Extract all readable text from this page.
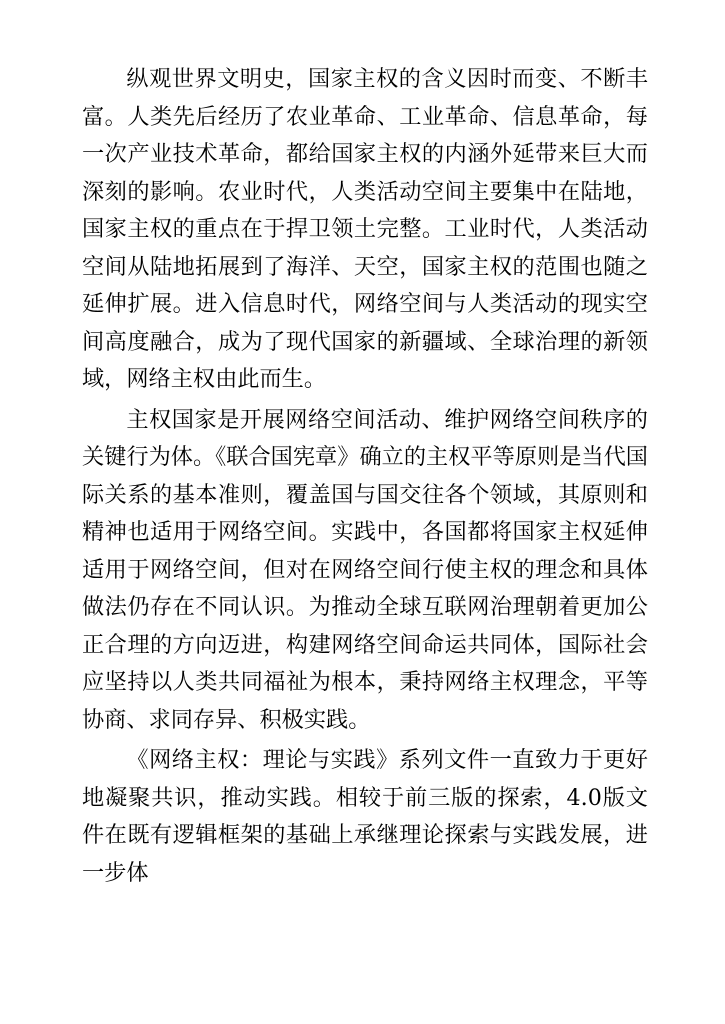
纵观世界文明史，国家主权的含义因时而变、不断丰富。人类先后经历了农业革命、工业革命、信息革命，每一次产业技术革命，都给国家主权的内涵外延带来巨大而深刻的影响。农业时代，人类活动空间主要集中在陆地，国家主权的重点在于捍卫领土完整。工业时代，人类活动空间从陆地拓展到了海洋、天空，国家主权的范围也随之延伸扩展。进入信息时代，网络空间与人类活动的现实空间高度融合，成为了现代国家的新疆域、全球治理的新领域，网络主权由此而生。

主权国家是开展网络空间活动、维护网络空间秩序的关键行为体。《联合国宪章》确立的主权平等原则是当代国际关系的基本准则，覆盖国与国交往各个领域，其原则和精神也适用于网络空间。实践中，各国都将国家主权延伸适用于网络空间，但对在网络空间行使主权的理念和具体做法仍存在不同认识。为推动全球互联网治理朝着更加公正合理的方向迈进，构建网络空间命运共同体，国际社会应坚持以人类共同福祉为根本，秉持网络主权理念，平等协商、求同存异、积极实践。

《网络主权：理论与实践》系列文件一直致力于更好地凝聚共识，推动实践。相较于前三版的探索，4.0版文件在既有逻辑框架的基础上承继理论探索与实践发展，进一步体
